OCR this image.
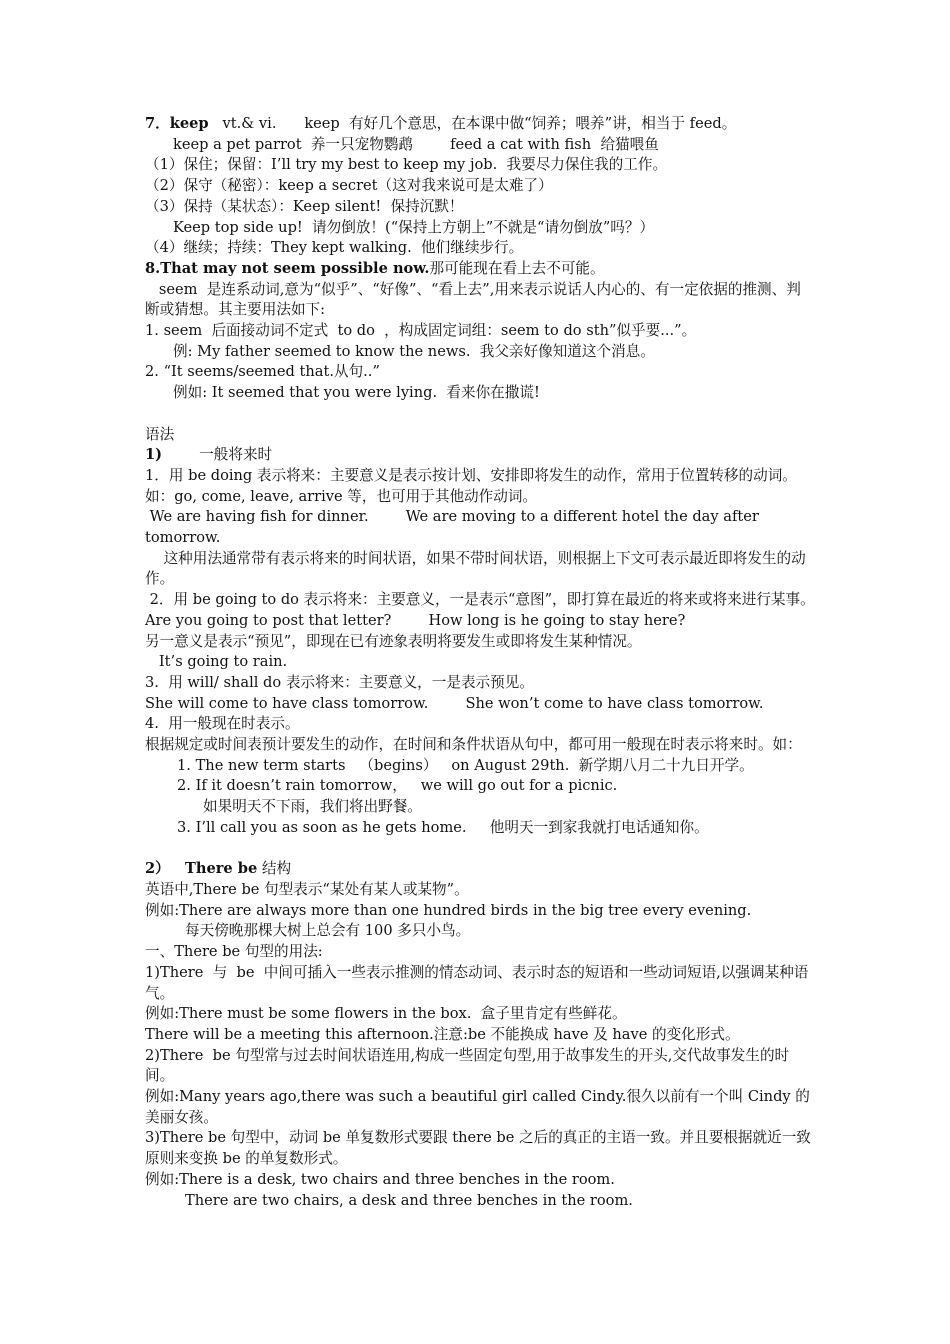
7．keep   vt.& vi.      keep  有好几个意思，在本课中做“饲养；喂养”讲，相当于 feed。
keep a pet parrot  养一只宠物鹦鹉        feed a cat with fish  给猫喂鱼
（1）保住；保留：I’ll try my best to keep my job.  我要尽力保住我的工作。
（2）保守（秘密）：keep a secret（这对我来说可是太难了）
（3）保持（某状态）：Keep silent!  保持沉默！
Keep top side up!  请勿倒放！(“保持上方朝上”不就是“请勿倒放”吗？）
（4）继续；持续：They kept walking.  他们继续步行。
8.That may not seem possible now.那可能现在看上去不可能。
seem  是连系动词,意为“似乎”、“好像”、“看上去”,用来表示说话人内心的、有一定依据的推测、判断或猜想。其主要用法如下:
1. seem  后面接动词不定式  to do  ，构成固定词组：seem to do sth”似乎要...”。
例: My father seemed to know the news.  我父亲好像知道这个消息。
2. “It seems/seemed that.从句..”
例如: It seemed that you were lying.  看来你在撒谎!
语法
1)        一般将来时
1．用 be doing 表示将来：主要意义是表示按计划、安排即将发生的动作，常用于位置转移的动词。  如：go, come, leave, arrive 等，也可用于其他动作动词。
We are having fish for dinner.        We are moving to a different hotel the day after tomorrow.
这种用法通常带有表示将来的时间状语，如果不带时间状语，则根据上下文可表示最近即将发生的动作。
2．用 be going to do 表示将来：主要意义，一是表示“意图”，即打算在最近的将来或将来进行某事。      Are you going to post that letter?        How long is he going to stay here?
另一意义是表示“预见”，即现在已有迹象表明将要发生或即将发生某种情况。
It’s going to rain.
3.  用 will/ shall do 表示将来：主要意义，一是表示预见。
She will come to have class tomorrow.        She won’t come to have class tomorrow.
4.  用一般现在时表示。
根据规定或时间表预计要发生的动作，在时间和条件状语从句中，都可用一般现在时表示将来时。如：
1. The new term starts   （begins）   on August 29th.  新学期八月二十九日开学。
2. If it doesn’t rain tomorrow，   we will go out for a picnic.
如果明天不下雨，我们将出野餐。
3. I’ll call you as soon as he gets home.     他明天一到家我就打电话通知你。
2）   There be 结构
英语中,There be 句型表示“某处有某人或某物”。
例如:There are always more than one hundred birds in the big tree every evening.
每天傍晚那棵大树上总会有 100 多只小鸟。
一、There be 句型的用法:
1)There  与  be  中间可插入一些表示推测的情态动词、表示时态的短语和一些动词短语,以强调某种语气。
例如:There must be some flowers in the box.  盒子里肯定有些鲜花。
There will be a meeting this afternoon.注意:be 不能换成 have 及 have 的变化形式。
2)There  be 句型常与过去时间状语连用,构成一些固定句型,用于故事发生的开头,交代故事发生的时间。
例如:Many years ago,there was such a beautiful girl called Cindy.很久以前有一个叫 Cindy 的美丽女孩。
3)There be 句型中，动词 be 单复数形式要跟 there be 之后的真正的主语一致。并且要根据就近一致原则来变换 be 的单复数形式。
例如:There is a desk, two chairs and three benches in the room.
There are two chairs, a desk and three benches in the room.
